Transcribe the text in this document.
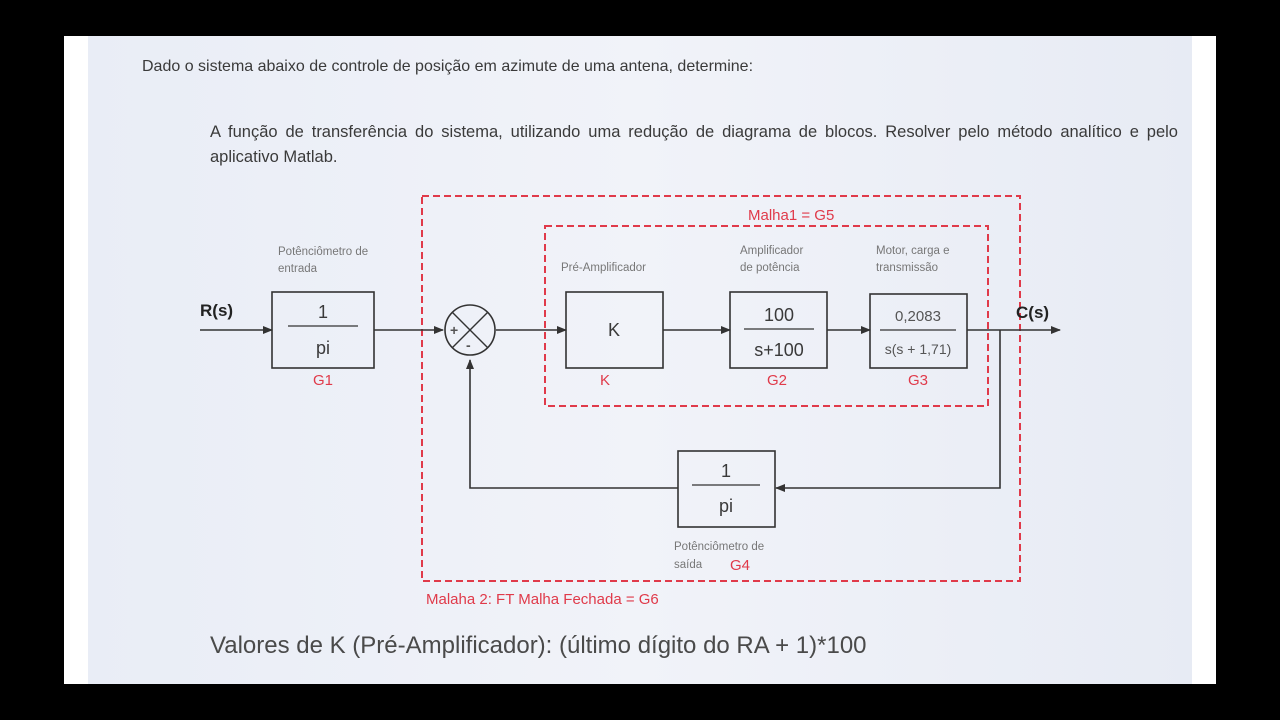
Dado o sistema abaixo de controle de posição em azimute de uma antena, determine:

A função de transferência do sistema, utilizando uma redução de diagrama de blocos. Resolver pelo método analítico e pelo aplicativo Matlab.

Malha1 = G5
Malaha 2: FT Malha Fechada = G6
R(s)	C(s)
+
-
Potênciômetro de
entrada
1
pi
G1
Pré-Amplificador
K
K
Amplificador
de potência
100
s+100
G2
Motor, carga e
transmissão
0,2083
s(s + 1,71)
G3
1
pi
Potênciômetro de
saída G4

Valores de K (Pré-Amplificador): (último dígito do RA + 1)*100
